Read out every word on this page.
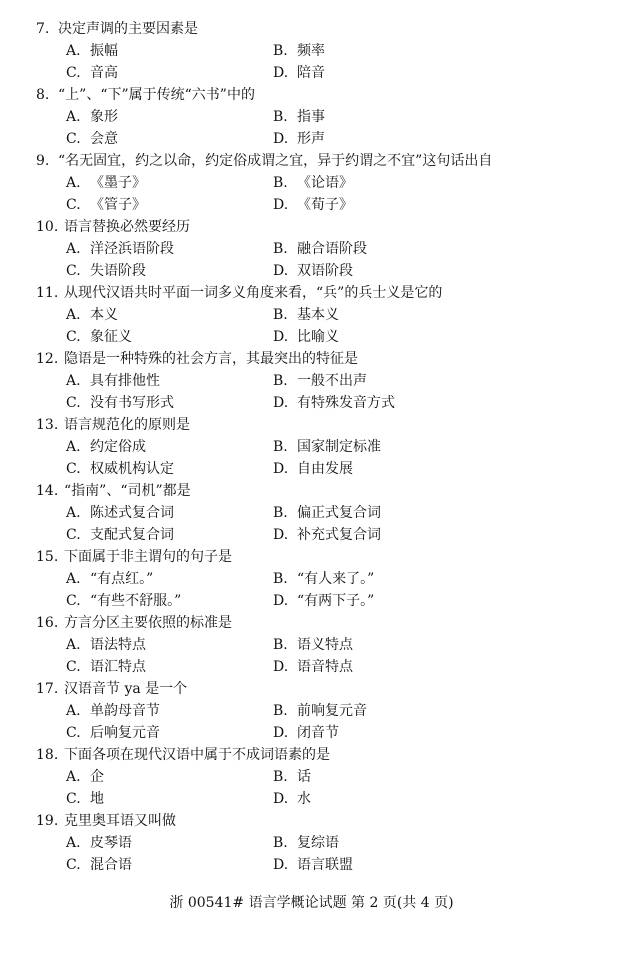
7. 决定声调的主要因素是
A. 振幅	B. 频率
C. 音高	D. 陪音
8. “上”、“下”属于传统“六书”中的
A. 象形	B. 指事
C. 会意	D. 形声
9. “名无固宜，约之以命，约定俗成谓之宜，异于约谓之不宜”这句话出自
A. 《墨子》	B. 《论语》
C. 《管子》	D. 《荀子》
10. 语言替换必然要经历
A. 洋泾浜语阶段	B. 融合语阶段
C. 失语阶段	D. 双语阶段
11. 从现代汉语共时平面一词多义角度来看，“兵”的兵士义是它的
A. 本义	B. 基本义
C. 象征义	D. 比喻义
12. 隐语是一种特殊的社会方言，其最突出的特征是
A. 具有排他性	B. 一般不出声
C. 没有书写形式	D. 有特殊发音方式
13. 语言规范化的原则是
A. 约定俗成	B. 国家制定标准
C. 权威机构认定	D. 自由发展
14. “指南”、“司机”都是
A. 陈述式复合词	B. 偏正式复合词
C. 支配式复合词	D. 补充式复合词
15. 下面属于非主谓句的句子是
A. “有点红。”	B. “有人来了。”
C. “有些不舒服。”	D. “有两下子。”
16. 方言分区主要依照的标准是
A. 语法特点	B. 语义特点
C. 语汇特点	D. 语音特点
17. 汉语音节 ya 是一个
A. 单韵母音节	B. 前响复元音
C. 后响复元音	D. 闭音节
18. 下面各项在现代汉语中属于不成词语素的是
A. 企	B. 话
C. 地	D. 水
19. 克里奥耳语又叫做
A. 皮琴语	B. 复综语
C. 混合语	D. 语言联盟
浙 00541# 语言学概论试题 第 2 页(共 4 页)
